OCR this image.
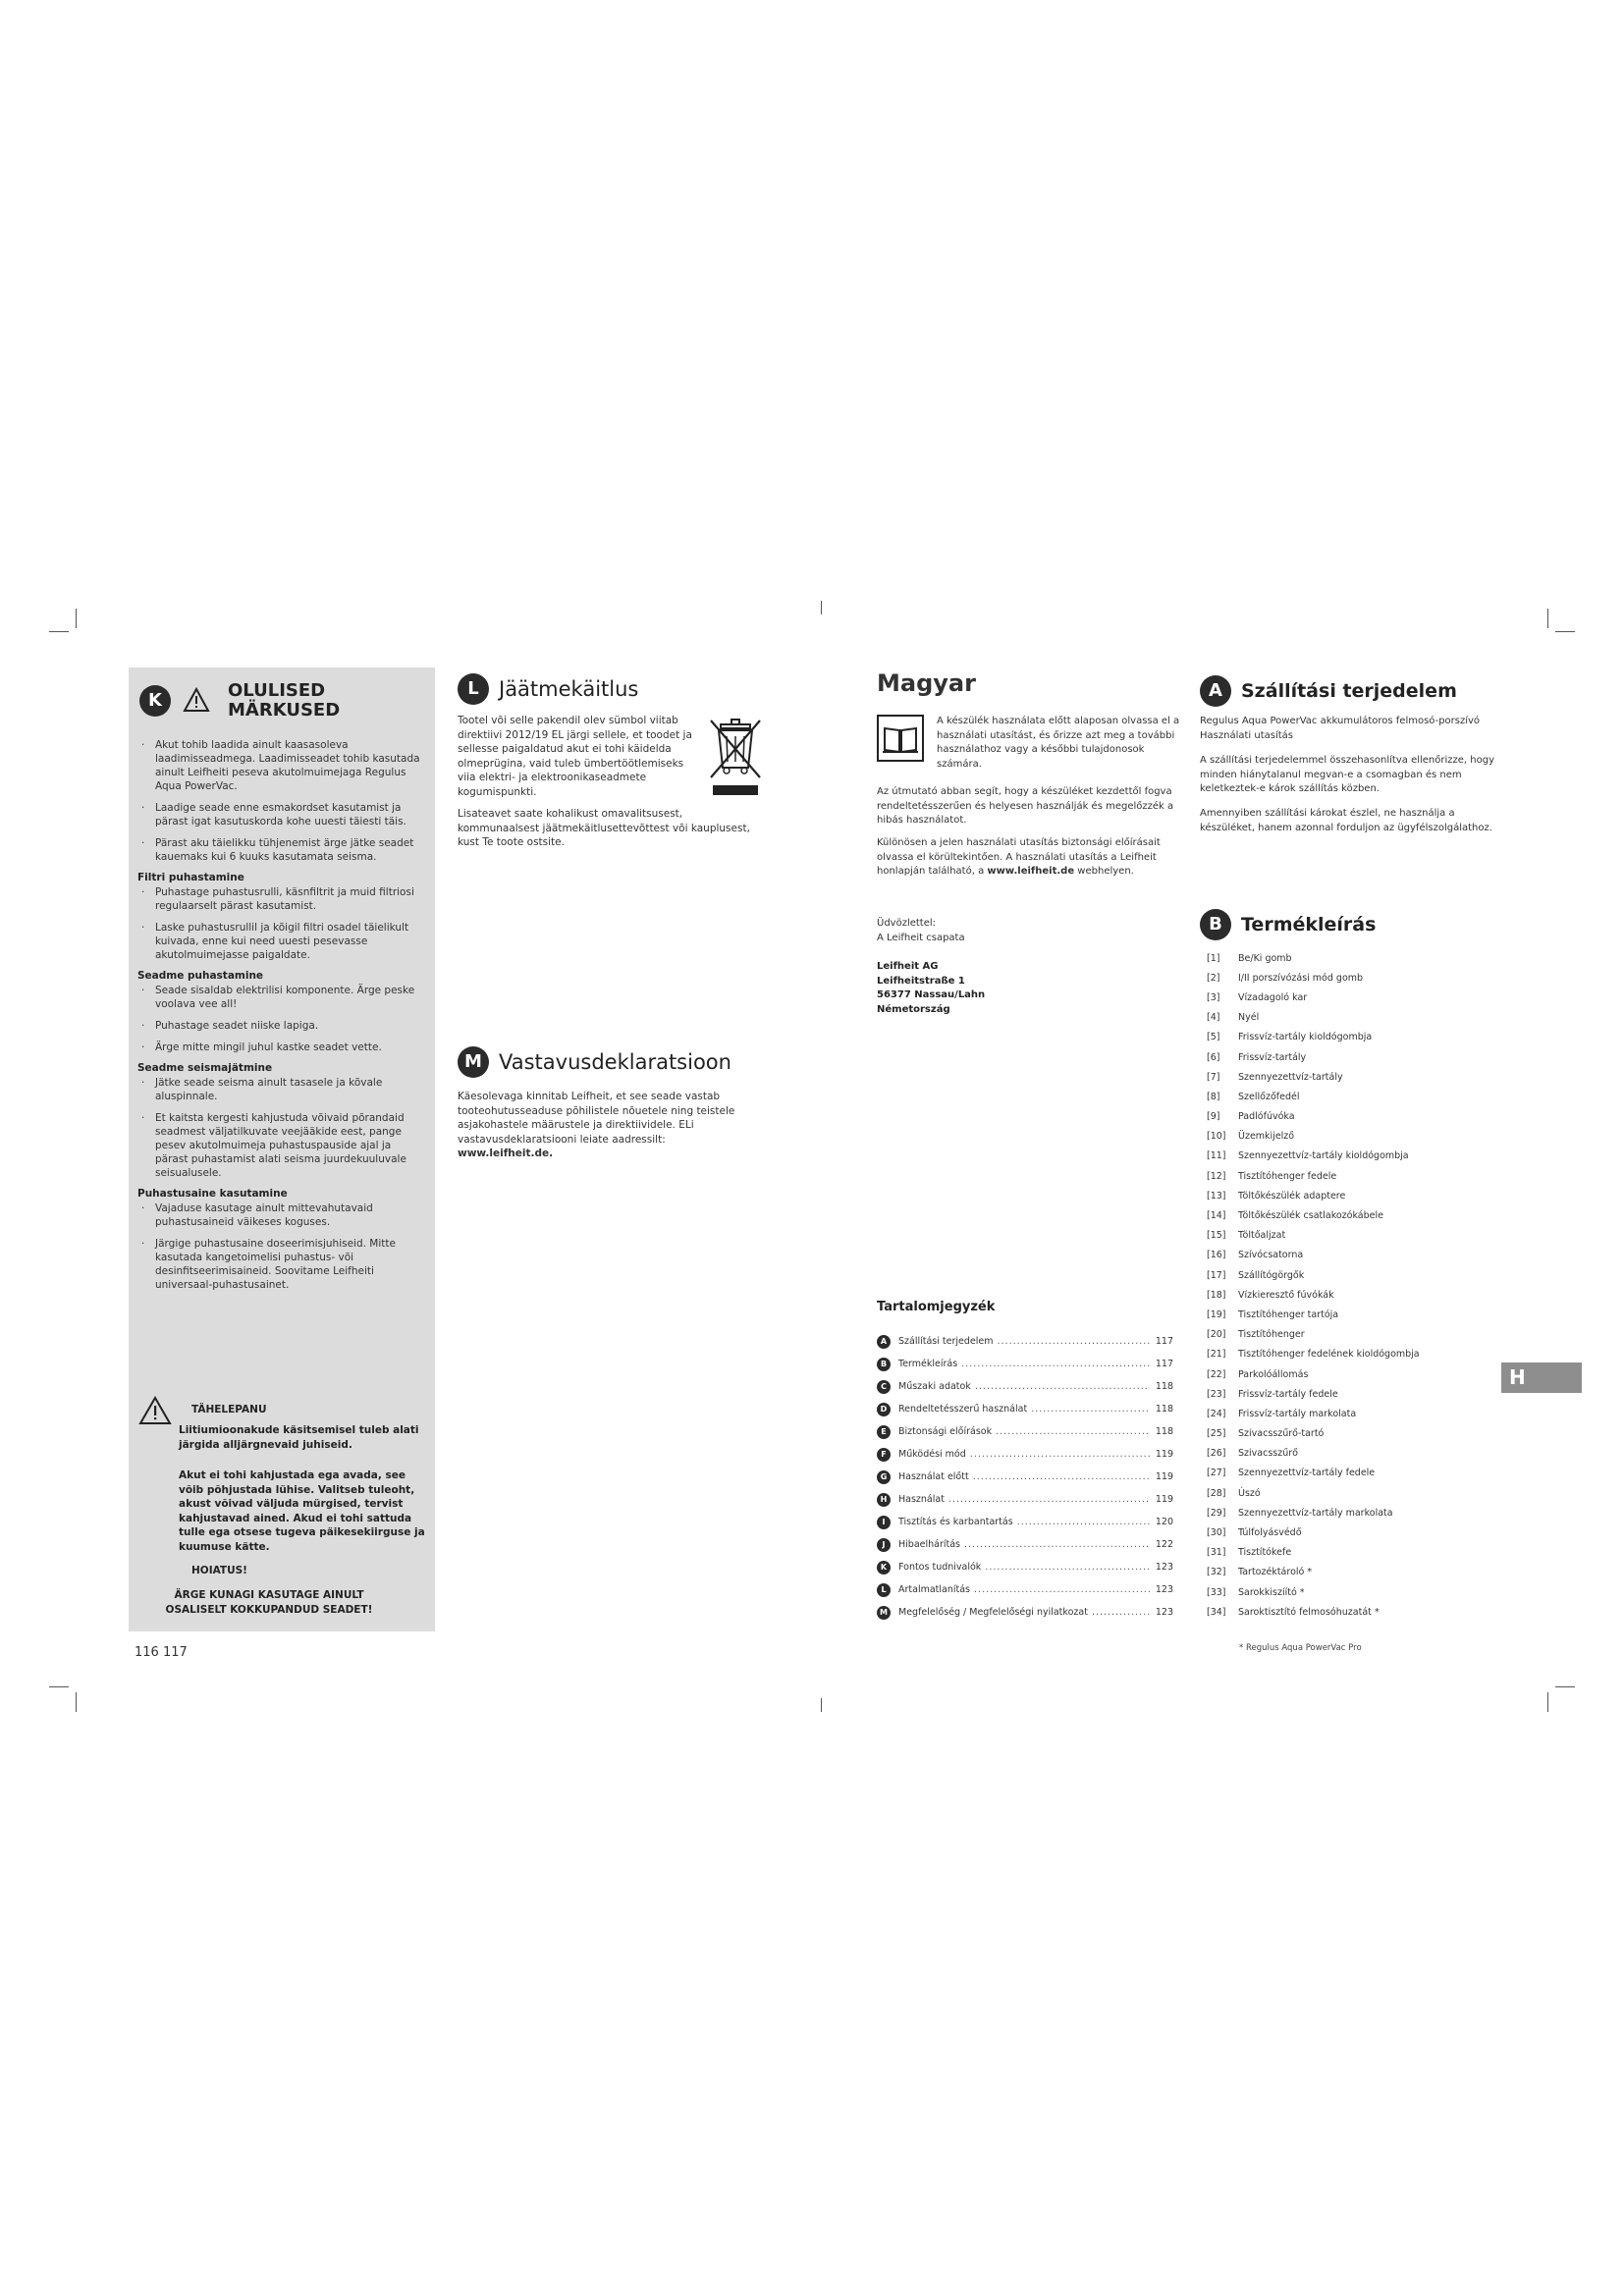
K	OLULISED
MÄRKUSED
· Akut tohib laadida ainult kaasasoleva laadimisseadmega. Laadimisseadet tohib kasutada ainult Leifheiti peseva akutolmuimejaga Regulus Aqua PowerVac.
· Laadige seade enne esmakordset kasutamist ja pärast igat kasutuskorda kohe uuesti täiesti täis.
· Pärast aku täielikku tühjenemist ärge jätke seadet kauemaks kui 6 kuuks kasutamata seisma.
Filtri puhastamine
· Puhastage puhastusrulli, käsnfiltrit ja muid filtriosi regulaarselt pärast kasutamist.
· Laske puhastusrullil ja kõigil filtri osadel täielikult kuivada, enne kui need uuesti pesevasse akutolmuimejasse paigaldate.
Seadme puhastamine
· Seade sisaldab elektrilisi komponente. Ärge peske voolava vee all!
· Puhastage seadet niiske lapiga.
· Ärge mitte mingil juhul kastke seadet vette.
Seadme seismajätmine
· Jätke seade seisma ainult tasasele ja kõvale aluspinnale.
· Et kaitsta kergesti kahjustuda võivaid põrandaid seadmest väljatilkuvate veejääkide eest, pange pesev akutolmuimeja puhastuspauside ajal ja pärast puhastamist alati seisma juurdekuuluvale seisualusele.
Puhastusaine kasutamine
· Vajaduse kasutage ainult mittevahutavaid puhastusaineid väikeses koguses.
· Järgige puhastusaine doseerimisjuhiseid. Mitte kasutada kangetoimelisi puhastus- või desinfitseerimisaineid. Soovitame Leifheiti universaal-puhastusainet.
TÄHELEPANU
Liitiumioonakude käsitsemisel tuleb alati järgida alljärgnevaid juhiseid.
Akut ei tohi kahjustada ega avada, see võib põhjustada lühise. Valitseb tuleoht, akust võivad väljuda mürgised, tervist kahjustavad ained. Akud ei tohi sattuda tulle ega otsese tugeva päikesekiirguse ja kuumuse kätte.
HOIATUS!
ÄRGE KUNAGI KASUTAGE AINULT OSALISELT KOKKUPANDUD SEADET!
116 117
L Jäätmekäitlus
Tootel või selle pakendil olev sümbol viitab direktiivi 2012/19 EL järgi sellele, et toodet ja sellesse paigaldatud akut ei tohi käidelda olmeprügina, vaid tuleb ümbertöötlemiseks viia elektri- ja elektroonikaseadmete kogumispunkti.
Lisateavet saate kohalikust omavalitsusest, kommunaalsest jäätmekäitlusettevõttest või kauplusest, kust Te toote ostsite.
M Vastavusdeklaratsioon
Käesolevaga kinnitab Leifheit, et see seade vastab tooteohutusseaduse põhilistele nõuetele ning teistele asjakohastele määrustele ja direktiividele. ELi vastavusdeklaratsiooni leiate aadressilt: www.leifheit.de.
Magyar
A készülék használata előtt alaposan olvassa el a használati utasítást, és őrizze azt meg a további használathoz vagy a későbbi tulajdonosok számára.
Az útmutató abban segít, hogy a készüléket kezdettől fogva rendeltetésszerűen és helyesen használják és megelőzzék a hibás használatot.
Különösen a jelen használati utasítás biztonsági előírásait olvassa el körültekintően. A használati utasítás a Leifheit honlapján található, a www.leifheit.de webhelyen.
Üdvözlettel:
A Leifheit csapata
Leifheit AG
Leifheitstraße 1
56377 Nassau/Lahn
Németország
Tartalomjegyzék
A	Szállítási terjedelem .....	117
B	Termékleírás .....	117
C	Műszaki adatok .....	118
D	Rendeltetésszerű használat .....	118
E	Biztonsági előírások .....	118
F	Működési mód .....	119
G	Használat előtt .....	119
H	Használat .....	119
I	Tisztítás és karbantartás .....	120
J	Hibaelhárítás .....	122
K	Fontos tudnivalók .....	123
L	Ártalmatlanítás .....	123
M	Megfelelőség / Megfelelőségi nyilatkozat .....	123
A	Szállítási terjedelem
Regulus Aqua PowerVac akkumulátoros felmosó-porszívó Használati utasítás
A szállítási terjedelemmel összehasonlítva ellenőrizze, hogy minden hiánytalanul megvan-e a csomagban és nem keletkeztek-e károk szállítás közben.
Amennyiben szállítási károkat észlel, ne használja a készüléket, hanem azonnal forduljon az ügyfélszolgálathoz.
B	Termékleírás
[1]	Be/Ki gomb
[2]	I/II porszívózási mód gomb
[3]	Vízadagoló kar
[4]	Nyél
[5]	Frissvíz-tartály kioldógombja
[6]	Frissvíz-tartály
[7]	Szennyezettvíz-tartály
[8]	Szellőzőfedél
[9]	Padlófúvóka
[10]	Üzemkijelző
[11]	Szennyezettvíz-tartály kioldógombja
[12]	Tisztítóhenger fedele
[13]	Töltőkészülék adaptere
[14]	Töltőkészülék csatlakozókábele
[15]	Töltőaljzat
[16]	Szívócsatorna
[17]	Szállítógörgők
[18]	Vízkieresztő fúvókák
[19]	Tisztítóhenger tartója
[20]	Tisztítóhenger
[21]	Tisztítóhenger fedelének kioldógombja
[22]	Parkolóállomás
[23]	Frissvíz-tartály fedele
[24]	Frissvíz-tartály markolata
[25]	Szivacsszűrő-tartó
[26]	Szivacsszűrő
[27]	Szennyezettvíz-tartály fedele
[28]	Úszó
[29]	Szennyezettvíz-tartály markolata
[30]	Túlfolyásvédő
[31]	Tisztítókefe
[32]	Tartozéktároló *
[33]	Sarokkiszíító *
[34]	Saroktisztító felmosóhuzatát *
* Regulus Aqua PowerVac Pro
H
